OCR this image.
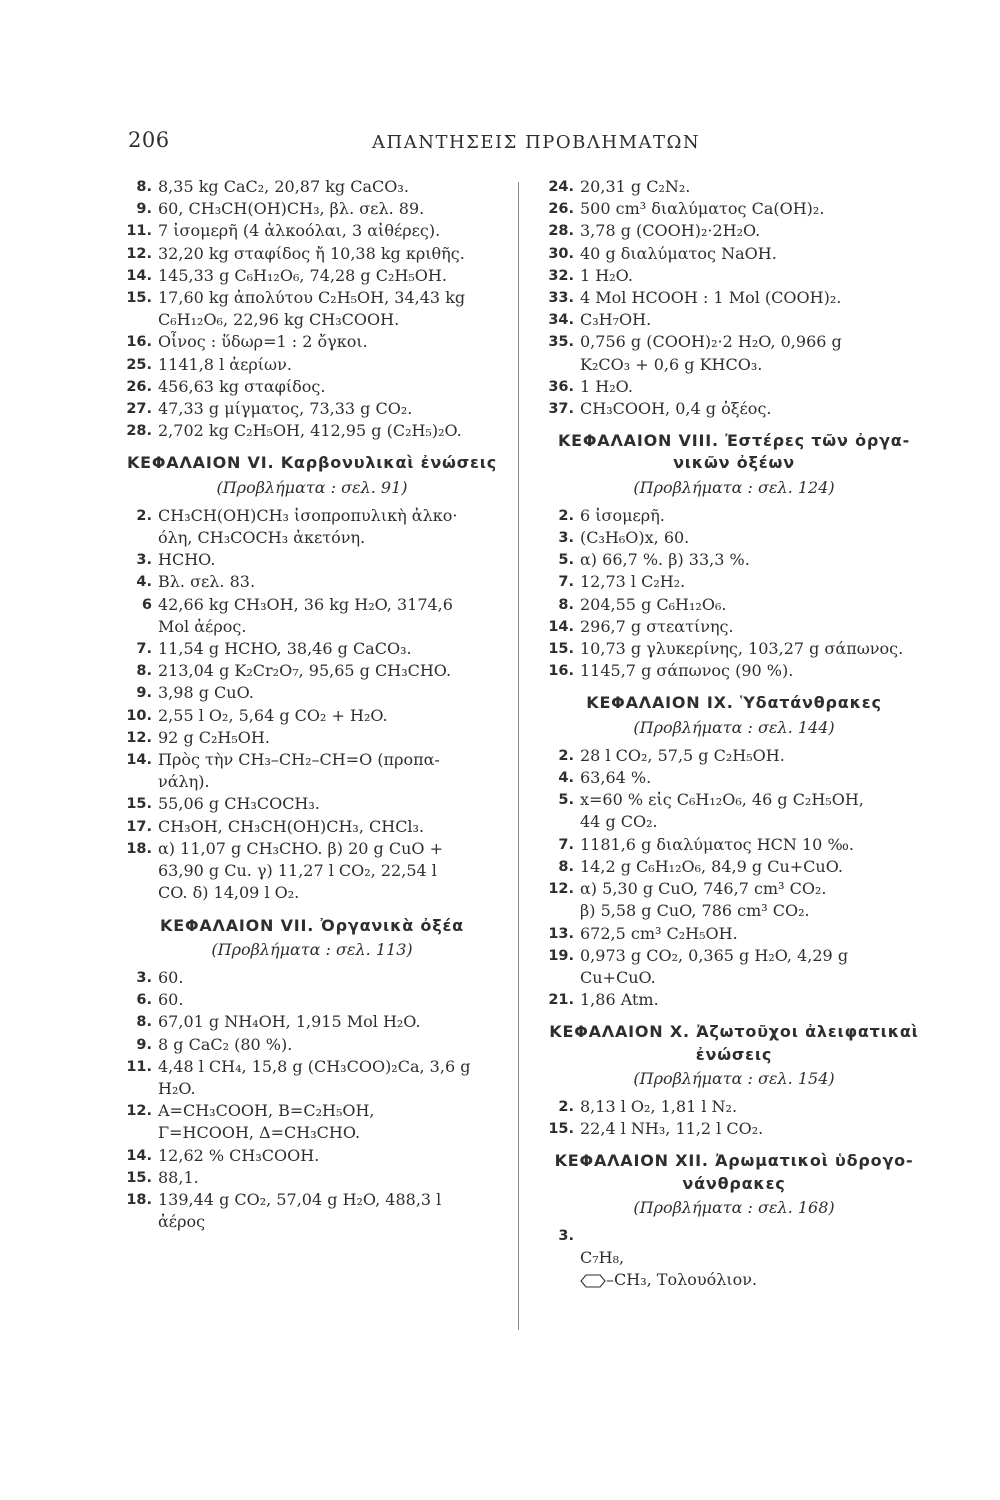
206	ΑΠΑΝΤΗΣΕΙΣ ΠΡΟΒΛΗΜΑΤΩΝ
8. 8,35 kg CaC₂, 20,87 kg CaCO₃.
9. 60, CH₃CH(OH)CH₃, βλ. σελ. 89.
11. 7 ἰσομερῆ (4 ἀλκοόλαι, 3 αἰθέρες).
12. 32,20 kg σταφίδος ἤ 10,38 kg κριθῆς.
14. 145,33 g C₆H₁₂O₆, 74,28 g C₂H₅OH.
15. 17,60 kg ἀπολύτου C₂H₅OH, 34,43 kg
C₆H₁₂O₆, 22,96 kg CH₃COOH.
16. Οἶνος : ὕδωρ=1 : 2 ὄγκοι.
25. 1141,8 l ἀερίων.
26. 456,63 kg σταφίδος.
27. 47,33 g μίγματος, 73,33 g CO₂.
28. 2,702 kg C₂H₅OH, 412,95 g (C₂H₅)₂O.
ΚΕΦΑΛΑΙΟΝ VI. Καρβονυλικαὶ ἐνώσεις
(Προβλήματα : σελ. 91)
2. CH₃CH(OH)CH₃ ἰσοπροπυλικὴ ἀλκο·
όλη, CH₃COCH₃ ἀκετόνη.
3. HCHO.
4. Βλ. σελ. 83.
6 42,66 kg CH₃OH, 36 kg H₂O, 3174,6
Mol ἀέρος.
7. 11,54 g HCHO, 38,46 g CaCO₃.
8. 213,04 g K₂Cr₂O₇, 95,65 g CH₃CHO.
9. 3,98 g CuO.
10. 2,55 l O₂, 5,64 g CO₂ + H₂O.
12. 92 g C₂H₅OH.
14. Πρὸς τὴν CH₃–CH₂–CH=O (προπα-
νάλη).
15. 55,06 g CH₃COCH₃.
17. CH₃OH, CH₃CH(OH)CH₃, CHCl₃.
18. α) 11,07 g CH₃CHO. β) 20 g CuO +
63,90 g Cu. γ) 11,27 l CO₂, 22,54 l
CO. δ) 14,09 l O₂.
ΚΕΦΑΛΑΙΟΝ VII. Ὀργανικὰ ὀξέα
(Προβλήματα : σελ. 113)
3. 60.
6. 60.
8. 67,01 g NH₄OH, 1,915 Mol H₂O.
9. 8 g CaC₂ (80 %).
11. 4,48 l CH₄, 15,8 g (CH₃COO)₂Ca, 3,6 g
H₂O.
12. A=CH₃COOH, B=C₂H₅OH,
Γ=HCOOH, Δ=CH₃CHO.
14. 12,62 % CH₃COOH.
15. 88,1.
18. 139,44 g CO₂, 57,04 g H₂O, 488,3 l
ἀέρος
24. 20,31 g C₂N₂.
26. 500 cm³ διαλύματος Ca(OH)₂.
28. 3,78 g (COOH)₂·2H₂O.
30. 40 g διαλύματος NaOH.
32. 1 H₂O.
33. 4 Mol HCOOH : 1 Mol (COOH)₂.
34. C₃H₇OH.
35. 0,756 g (COOH)₂·2 H₂O, 0,966 g
K₂CO₃ + 0,6 g KHCO₃.
36. 1 H₂O.
37. CH₃COOH, 0,4 g ὀξέος.
ΚΕΦΑΛΑΙΟΝ VIII. Ἐστέρες τῶν ὀργα-
νικῶν ὀξέων
(Προβλήματα : σελ. 124)
2. 6 ἰσομερῆ.
3. (C₃H₆O)x, 60.
5. α) 66,7 %. β) 33,3 %.
7. 12,73 l C₂H₂.
8. 204,55 g C₆H₁₂O₆.
14. 296,7 g στεατίνης.
15. 10,73 g γλυκερίνης, 103,27 g σάπωνος.
16. 1145,7 g σάπωνος (90 %).
ΚΕΦΑΛΑΙΟΝ IX. Ὑδατάνθρακες
(Προβλήματα : σελ. 144)
2. 28 l CO₂, 57,5 g C₂H₅OH.
4. 63,64 %.
5. x=60 % εἰς C₆H₁₂O₆, 46 g C₂H₅OH,
44 g CO₂.
7. 1181,6 g διαλύματος HCN 10 ‰.
8. 14,2 g C₆H₁₂O₆, 84,9 g Cu+CuO.
12. α) 5,30 g CuO, 746,7 cm³ CO₂.
β) 5,58 g CuO, 786 cm³ CO₂.
13. 672,5 cm³ C₂H₅OH.
19. 0,973 g CO₂, 0,365 g H₂O, 4,29 g
Cu+CuO.
21. 1,86 Atm.
ΚΕΦΑΛΑΙΟΝ X. Ἀζωτοῦχοι ἀλειφατικαὶ
ἐνώσεις
(Προβλήματα : σελ. 154)
2. 8,13 l O₂, 1,81 l N₂.
15. 22,4 l NH₃, 11,2 l CO₂.
ΚΕΦΑΛΑΙΟΝ XII. Ἀρωματικοὶ ὑδρογο-
νάνθρακες
(Προβλήματα : σελ. 168)
3.

C₇H₈,
–CH₃, Τολουόλιον.
